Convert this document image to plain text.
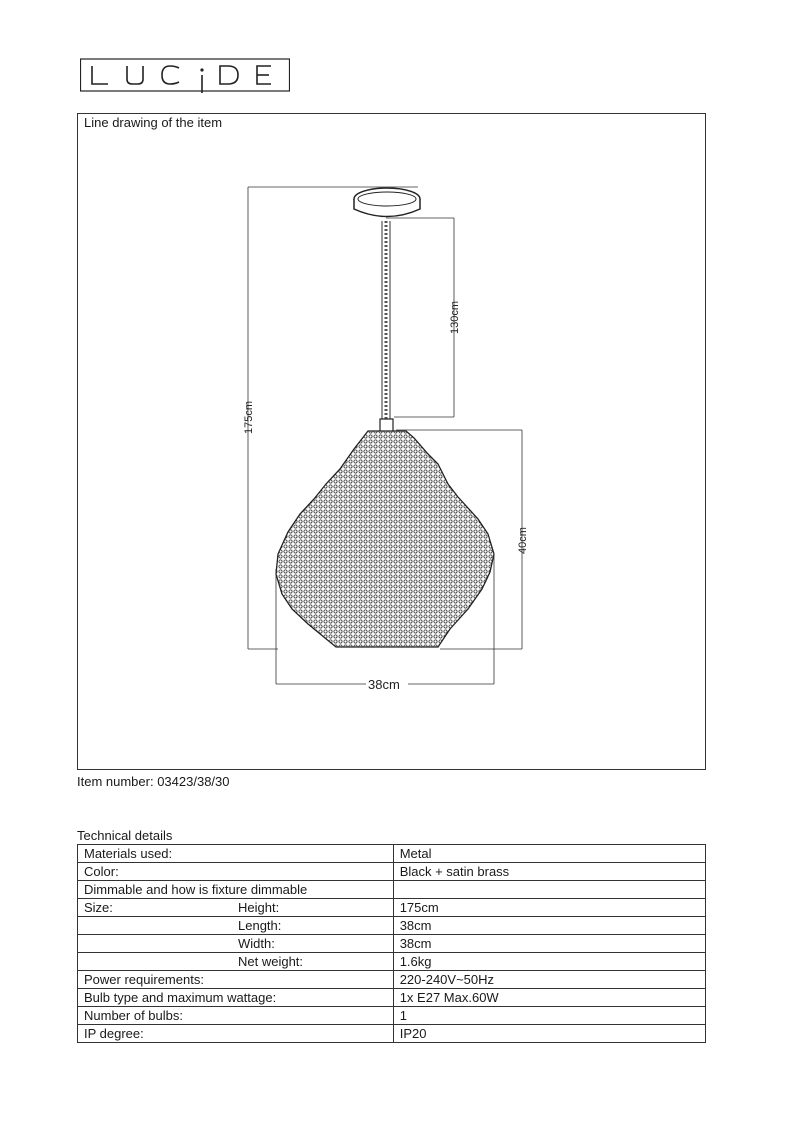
Line drawing of the item
175cm
130cm
40cm
38cm
Item number: 03423/38/30
Technical details
Materials used:	Metal
Color:	Black + satin brass
Dimmable and how is fixture dimmable	
Size: Height:	175cm

Length:	38cm

Width:	38cm

Net weight:	1.6kg
Power requirements:	220-240V~50Hz
Bulb type and maximum wattage:	1x E27 Max.60W
Number of bulbs:	1
IP degree:	IP20
